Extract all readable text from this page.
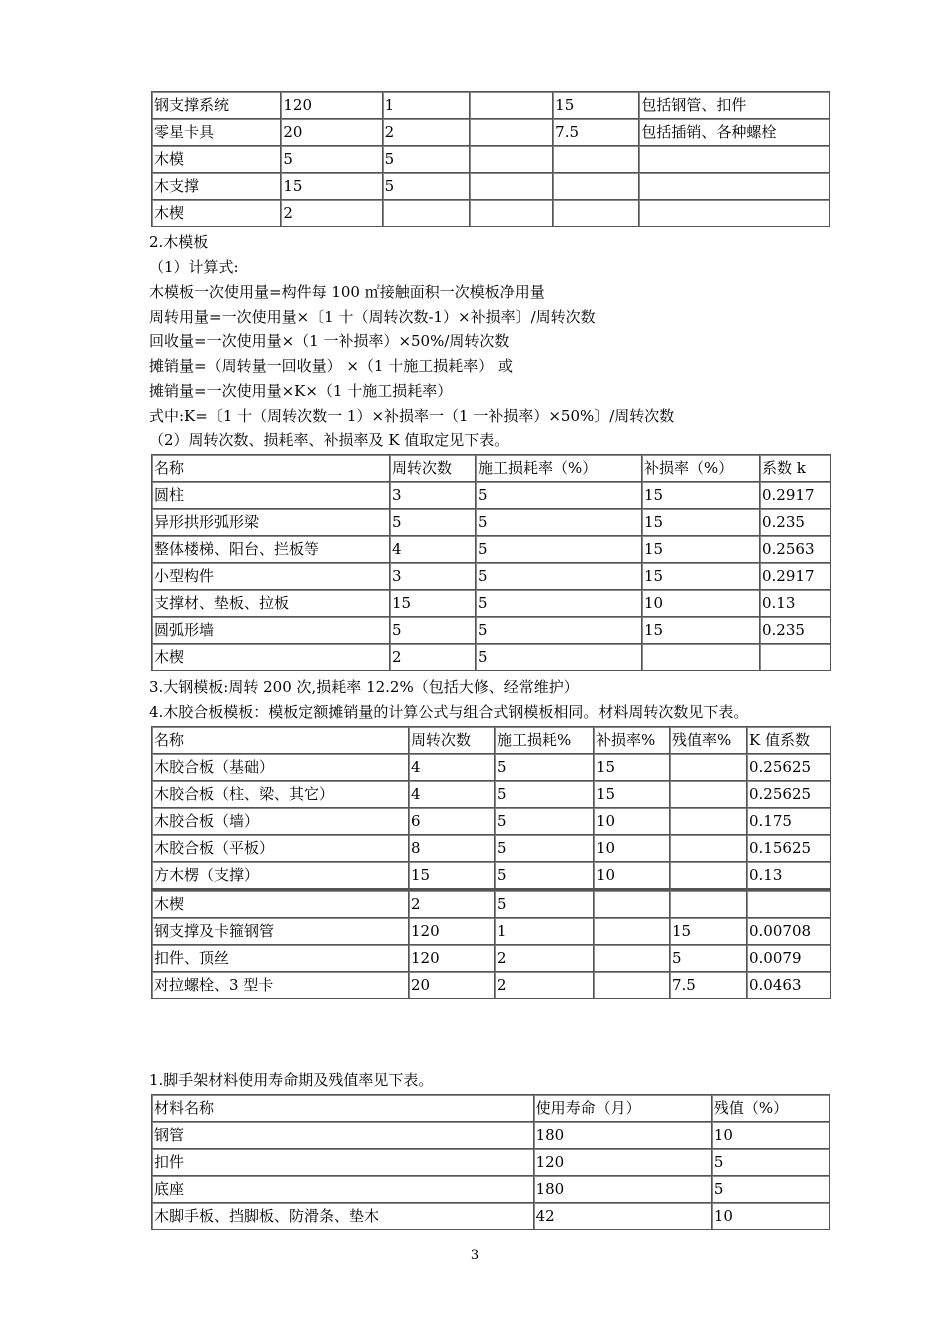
钢支撑系统	120	1		15	包括钢管、扣件
零星卡具	20	2		7.5	包括插销、各种螺栓
木模	5	5			
木支撑	15	5			
木楔	2				
2.木模板
（1）计算式:
木模板一次使用量=构件每 100 ㎡接触面积一次模板净用量
周转用量=一次使用量×〔1 十（周转次数-1）×补损率〕/周转次数
回收量=一次使用量×（1 一补损率）×50%/周转次数
摊销量=（周转量一回收量） ×（1 十施工损耗率） 或
摊销量=一次使用量×K×（1 十施工损耗率）
式中:K=〔1 十（周转次数一 1）×补损率一（1 一补损率）×50%〕/周转次数
（2）周转次数、损耗率、补损率及 K 值取定见下表。
名称	周转次数	施工损耗率（%）	补损率（%）	系数 k
圆柱	3	5	15	0.2917
异形拱形弧形梁	5	5	15	0.235
整体楼梯、阳台、拦板等	4	5	15	0.2563
小型构件	3	5	15	0.2917
支撑材、垫板、拉板	15	5	10	0.13
圆弧形墙	5	5	15	0.235
木楔	2	5		
3.大钢模板:周转 200 次,损耗率 12.2%（包括大修、经常维护）
4.木胶合板模板：模板定额摊销量的计算公式与组合式钢模板相同。材料周转次数见下表。
名称	周转次数	施工损耗%	补损率%	残值率%	K 值系数
木胶合板（基础）	4	5	15		0.25625
木胶合板（柱、梁、其它）	4	5	15		0.25625
木胶合板（墙）	6	5	10		0.175
木胶合板（平板）	8	5	10		0.15625
方木楞（支撑）	15	5	10		0.13
木楔	2	5			
钢支撑及卡箍钢管	120	1		15	0.00708
扣件、顶丝	120	2		5	0.0079
对拉螺栓、3 型卡	20	2		7.5	0.0463
1.脚手架材料使用寿命期及残值率见下表。
材料名称	使用寿命（月）	残值（%）
钢管	180	10
扣件	120	5
底座	180	5
木脚手板、挡脚板、防滑条、垫木	42	10
3
